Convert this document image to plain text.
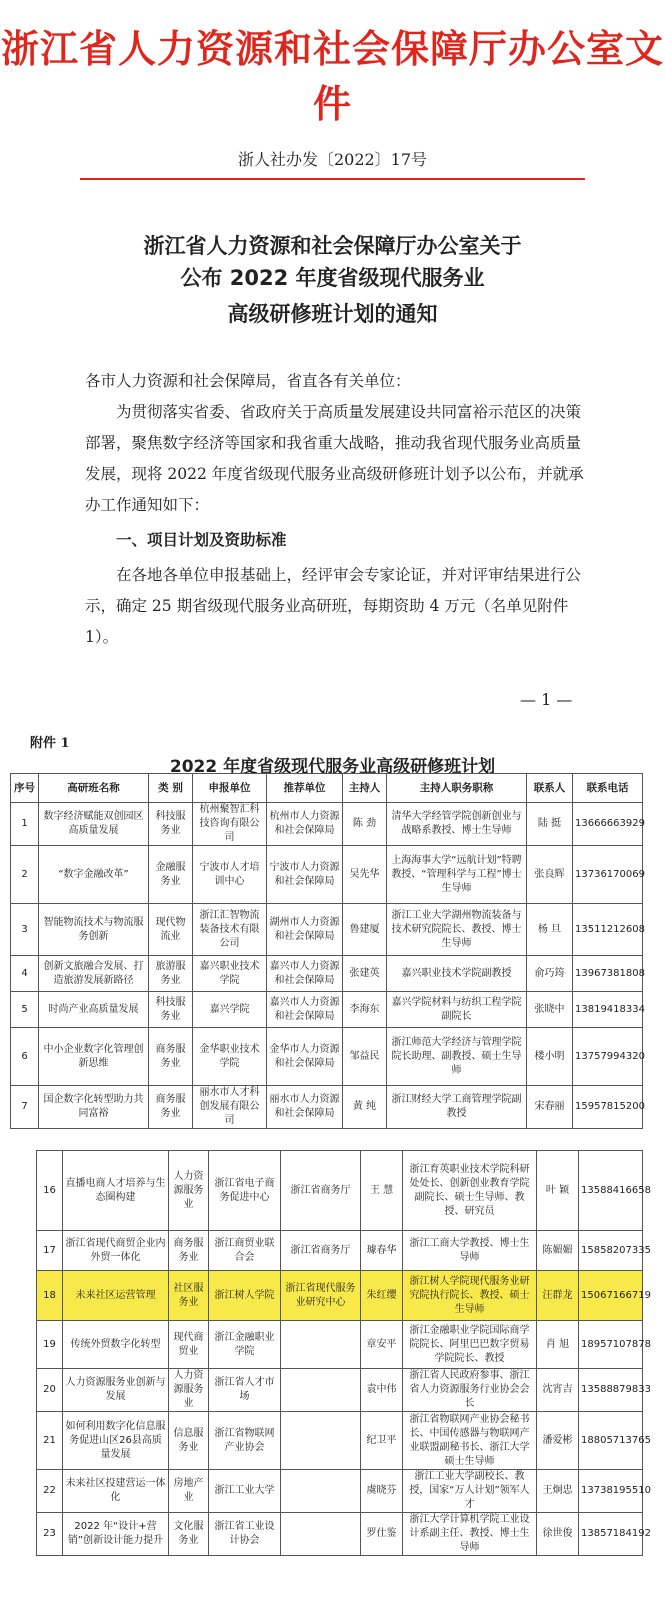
浙江省人力资源和社会保障厅办公室文件
浙人社办发〔2022〕17号
浙江省人力资源和社会保障厅办公室关于
公布 2022 年度省级现代服务业
高级研修班计划的通知
各市人力资源和社会保障局，省直各有关单位：
为贯彻落实省委、省政府关于高质量发展建设共同富裕示范区的决策部署，聚焦数字经济等国家和我省重大战略，推动我省现代服务业高质量发展，现将 2022 年度省级现代服务业高级研修班计划予以公布，并就承办工作通知如下：
一、项目计划及资助标准
在各地各单位申报基础上，经评审会专家论证，并对评审结果进行公示，确定 25 期省级现代服务业高研班，每期资助 4 万元（名单见附件 1）。
— 1 —
附件 1
2022 年度省级现代服务业高级研修班计划
序号	高研班名称	类 别	申报单位	推荐单位	主持人	主持人职务职称	联系人	联系电话
1	数字经济赋能双创园区高质量发展	科技服务业	杭州聚智汇科技咨询有限公司	杭州市人力资源和社会保障局	陈 劲	清华大学经管学院创新创业与战略系教授、博士生导师	陆 挺	13666663929
2	“数字金融改革”	金融服务业	宁波市人才培训中心	宁波市人力资源和社会保障局	吴先华	上海海事大学“远航计划”特聘教授、“管理科学与工程”博士生导师	张良辉	13736170069
3	智能物流技术与物流服务创新	现代物流业	浙江汇智物流装备技术有限公司	湖州市人力资源和社会保障局	鲁建厦	浙江工业大学湖州物流装备与技术研究院院长、教授、博士生导师	杨 旦	13511212608
4	创新文旅融合发展、打造旅游发展新路径	旅游服务业	嘉兴职业技术学院	嘉兴市人力资源和社会保障局	张建英	嘉兴职业技术学院副教授	俞巧筠	13967381808
5	时尚产业高质量发展	科技服务业	嘉兴学院	嘉兴市人力资源和社会保障局	李海东	嘉兴学院材料与纺织工程学院副院长	张晓中	13819418334
6	中小企业数字化管理创新思维	商务服务业	金华职业技术学院	金华市人力资源和社会保障局	邹益民	浙江师范大学经济与管理学院院长助理、副教授、硕士生导师	楼小明	13757994320
7	国企数字化转型助力共同富裕	商务服务业	丽水市人才科创发展有限公司	丽水市人力资源和社会保障局	黄 纯	浙江财经大学工商管理学院副教授	宋春丽	15957815200
16	直播电商人才培养与生态圈构建	人力资源服务业	浙江省电子商务促进中心	浙江省商务厅	王 慧	浙江育英职业技术学院科研处处长、创新创业教育学院副院长、硕士生导师、教授、研究员	叶 颖	13588416658
17	浙江省现代商贸企业内外贸一体化	商务服务业	浙江商贸业联合会	浙江省商务厅	璩春华	浙江工商大学教授、博士生导师	陈媚媚	15858207335
18	未来社区运营管理	社区服务业	浙江树人学院	浙江省现代服务业研究中心	朱红缨	浙江树人学院现代服务业研究院执行院长、教授、硕士生导师	汪群龙	15067166719
19	传统外贸数字化转型	现代商贸业	浙江金融职业学院		章安平	浙江金融职业学院国际商学院院长、阿里巴巴数字贸易学院院长、教授	肖 旭	18957107878
20	人力资源服务业创新与发展	人力资源服务业	浙江省人才市场		袁中伟	浙江省人民政府参事、浙江省人力资源服务行业协会会长	沈宵吉	13588879833
21	如何利用数字化信息服务促进山区26县高质量发展	信息服务业	浙江省物联网产业协会		纪卫平	浙江省物联网产业协会秘书长、中国传感器与物联网产业联盟副秘书长、浙江大学硕士生导师	潘爱彬	18805713765
22	未来社区投建营运一体化	房地产业	浙江工业大学		虞晓芬	浙江工业大学副校长、教授，国家“万人计划”领军人才	王炯忠	13738195510
23	2022 年“设计+营销”创新设计能力提升	文化服务业	浙江省工业设计协会		罗仕鉴	浙江大学计算机学院工业设计系副主任、教授、博士生导师	徐世俊	13857184192
